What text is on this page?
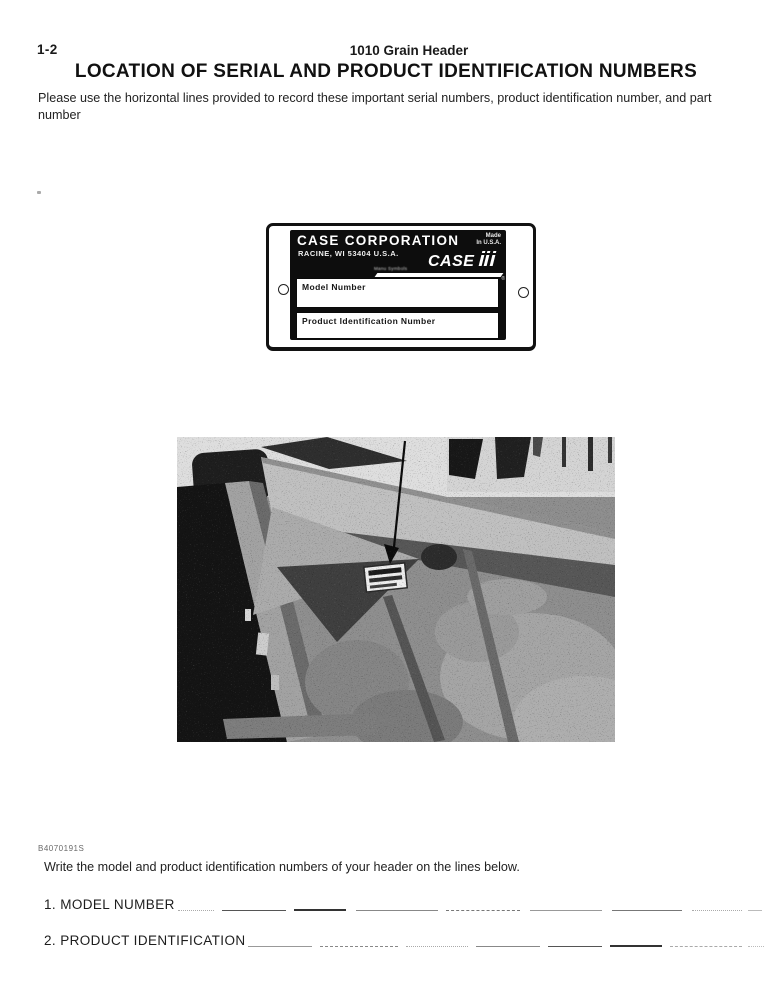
1-2	1010 Grain Header
LOCATION OF SERIAL AND PRODUCT IDENTIFICATION NUMBERS

Please use the horizontal lines provided to record these important serial numbers, product identification number, and part number

CASE CORPORATION
RACINE, WI 53404 U.S.A.
Made
In U.S.A.
Manu Symbols CASE
®
Model Number
Product Identification Number
B4070191S

Write the model and product identification numbers of your header on the lines below.

1. MODEL NUMBER
2. PRODUCT IDENTIFICATION
